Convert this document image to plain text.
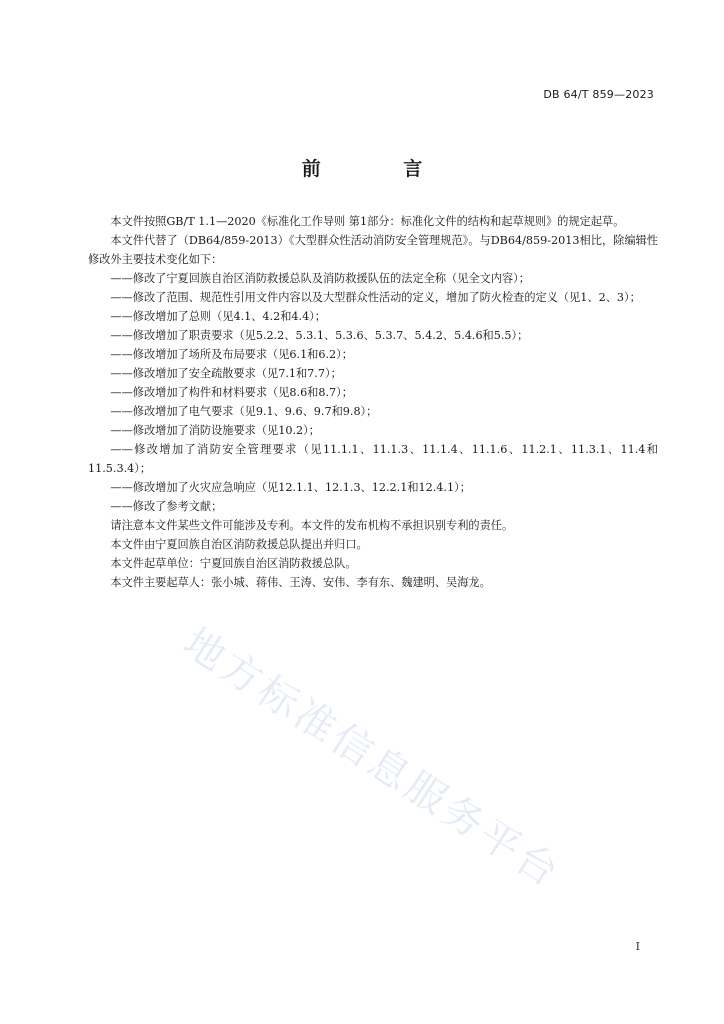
DB 64/T 859—2023
前 言

本文件按照GB/T 1.1—2020《标准化工作导则 第1部分：标准化文件的结构和起草规则》的规定起草。

本文件代替了（DB64/859-2013）《大型群众性活动消防安全管理规范》。与DB64/859-2013相比，除编辑性修改外主要技术变化如下：

——修改了宁夏回族自治区消防救援总队及消防救援队伍的法定全称（见全文内容）；

——修改了范围、规范性引用文件内容以及大型群众性活动的定义，增加了防火检查的定义（见1、2、3）；

——修改增加了总则（见4.1、4.2和4.4）；

——修改增加了职责要求（见5.2.2、5.3.1、5.3.6、5.3.7、5.4.2、5.4.6和5.5）；

——修改增加了场所及布局要求（见6.1和6.2）；

——修改增加了安全疏散要求（见7.1和7.7）；

——修改增加了构件和材料要求（见8.6和8.7）；

——修改增加了电气要求（见9.1、9.6、9.7和9.8）；

——修改增加了消防设施要求（见10.2）；

——修改增加了消防安全管理要求（见11.1.1、11.1.3、11.1.4、11.1.6、11.2.1、11.3.1、11.4和11.5.3.4）；

——修改增加了火灾应急响应（见12.1.1、12.1.3、12.2.1和12.4.1）；

——修改了参考文献；

请注意本文件某些文件可能涉及专利。本文件的发布机构不承担识别专利的责任。

本文件由宁夏回族自治区消防救援总队提出并归口。

本文件起草单位：宁夏回族自治区消防救援总队。

本文件主要起草人：张小城、蒋伟、王涛、安伟、李有东、魏建明、吴海龙。

地方标准信息服务平台
I
